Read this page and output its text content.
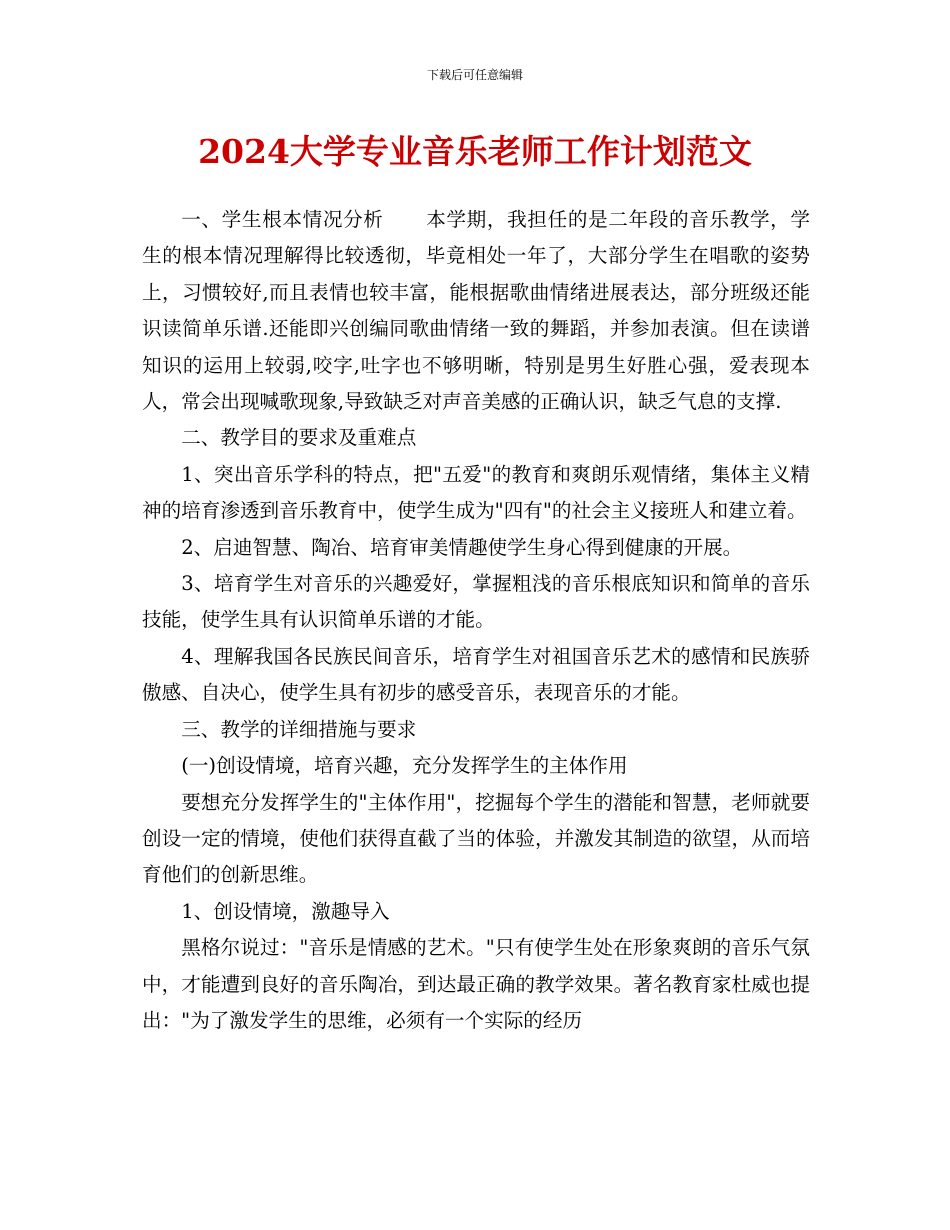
下载后可任意编辑
2024大学专业音乐老师工作计划范文

一、学生根本情况分析 本学期，我担任的是二年段的音乐教学，学生的根本情况理解得比较透彻，毕竟相处一年了，大部分学生在唱歌的姿势上，习惯较好,而且表情也较丰富，能根据歌曲情绪进展表达，部分班级还能识读简单乐谱.还能即兴创编同歌曲情绪一致的舞蹈，并参加表演。但在读谱知识的运用上较弱,咬字,吐字也不够明晰，特别是男生好胜心强，爱表现本人，常会出现喊歌现象,导致缺乏对声音美感的正确认识，缺乏气息的支撑.

二、教学目的要求及重难点

1、突出音乐学科的特点，把"五爱"的教育和爽朗乐观情绪，集体主义精神的培育渗透到音乐教育中，使学生成为"四有"的社会主义接班人和建立着。

2、启迪智慧、陶冶、培育审美情趣使学生身心得到健康的开展。

3、培育学生对音乐的兴趣爱好，掌握粗浅的音乐根底知识和简单的音乐技能，使学生具有认识简单乐谱的才能。

4、理解我国各民族民间音乐，培育学生对祖国音乐艺术的感情和民族骄傲感、自决心，使学生具有初步的感受音乐，表现音乐的才能。

三、教学的详细措施与要求

(一)创设情境，培育兴趣，充分发挥学生的主体作用

要想充分发挥学生的"主体作用"，挖掘每个学生的潜能和智慧，老师就要创设一定的情境，使他们获得直截了当的体验，并激发其制造的欲望，从而培育他们的创新思维。

1、创设情境，激趣导入

黑格尔说过："音乐是情感的艺术。"只有使学生处在形象爽朗的音乐气氛中，才能遭到良好的音乐陶冶，到达最正确的教学效果。著名教育家杜威也提出："为了激发学生的思维，必须有一个实际的经历
